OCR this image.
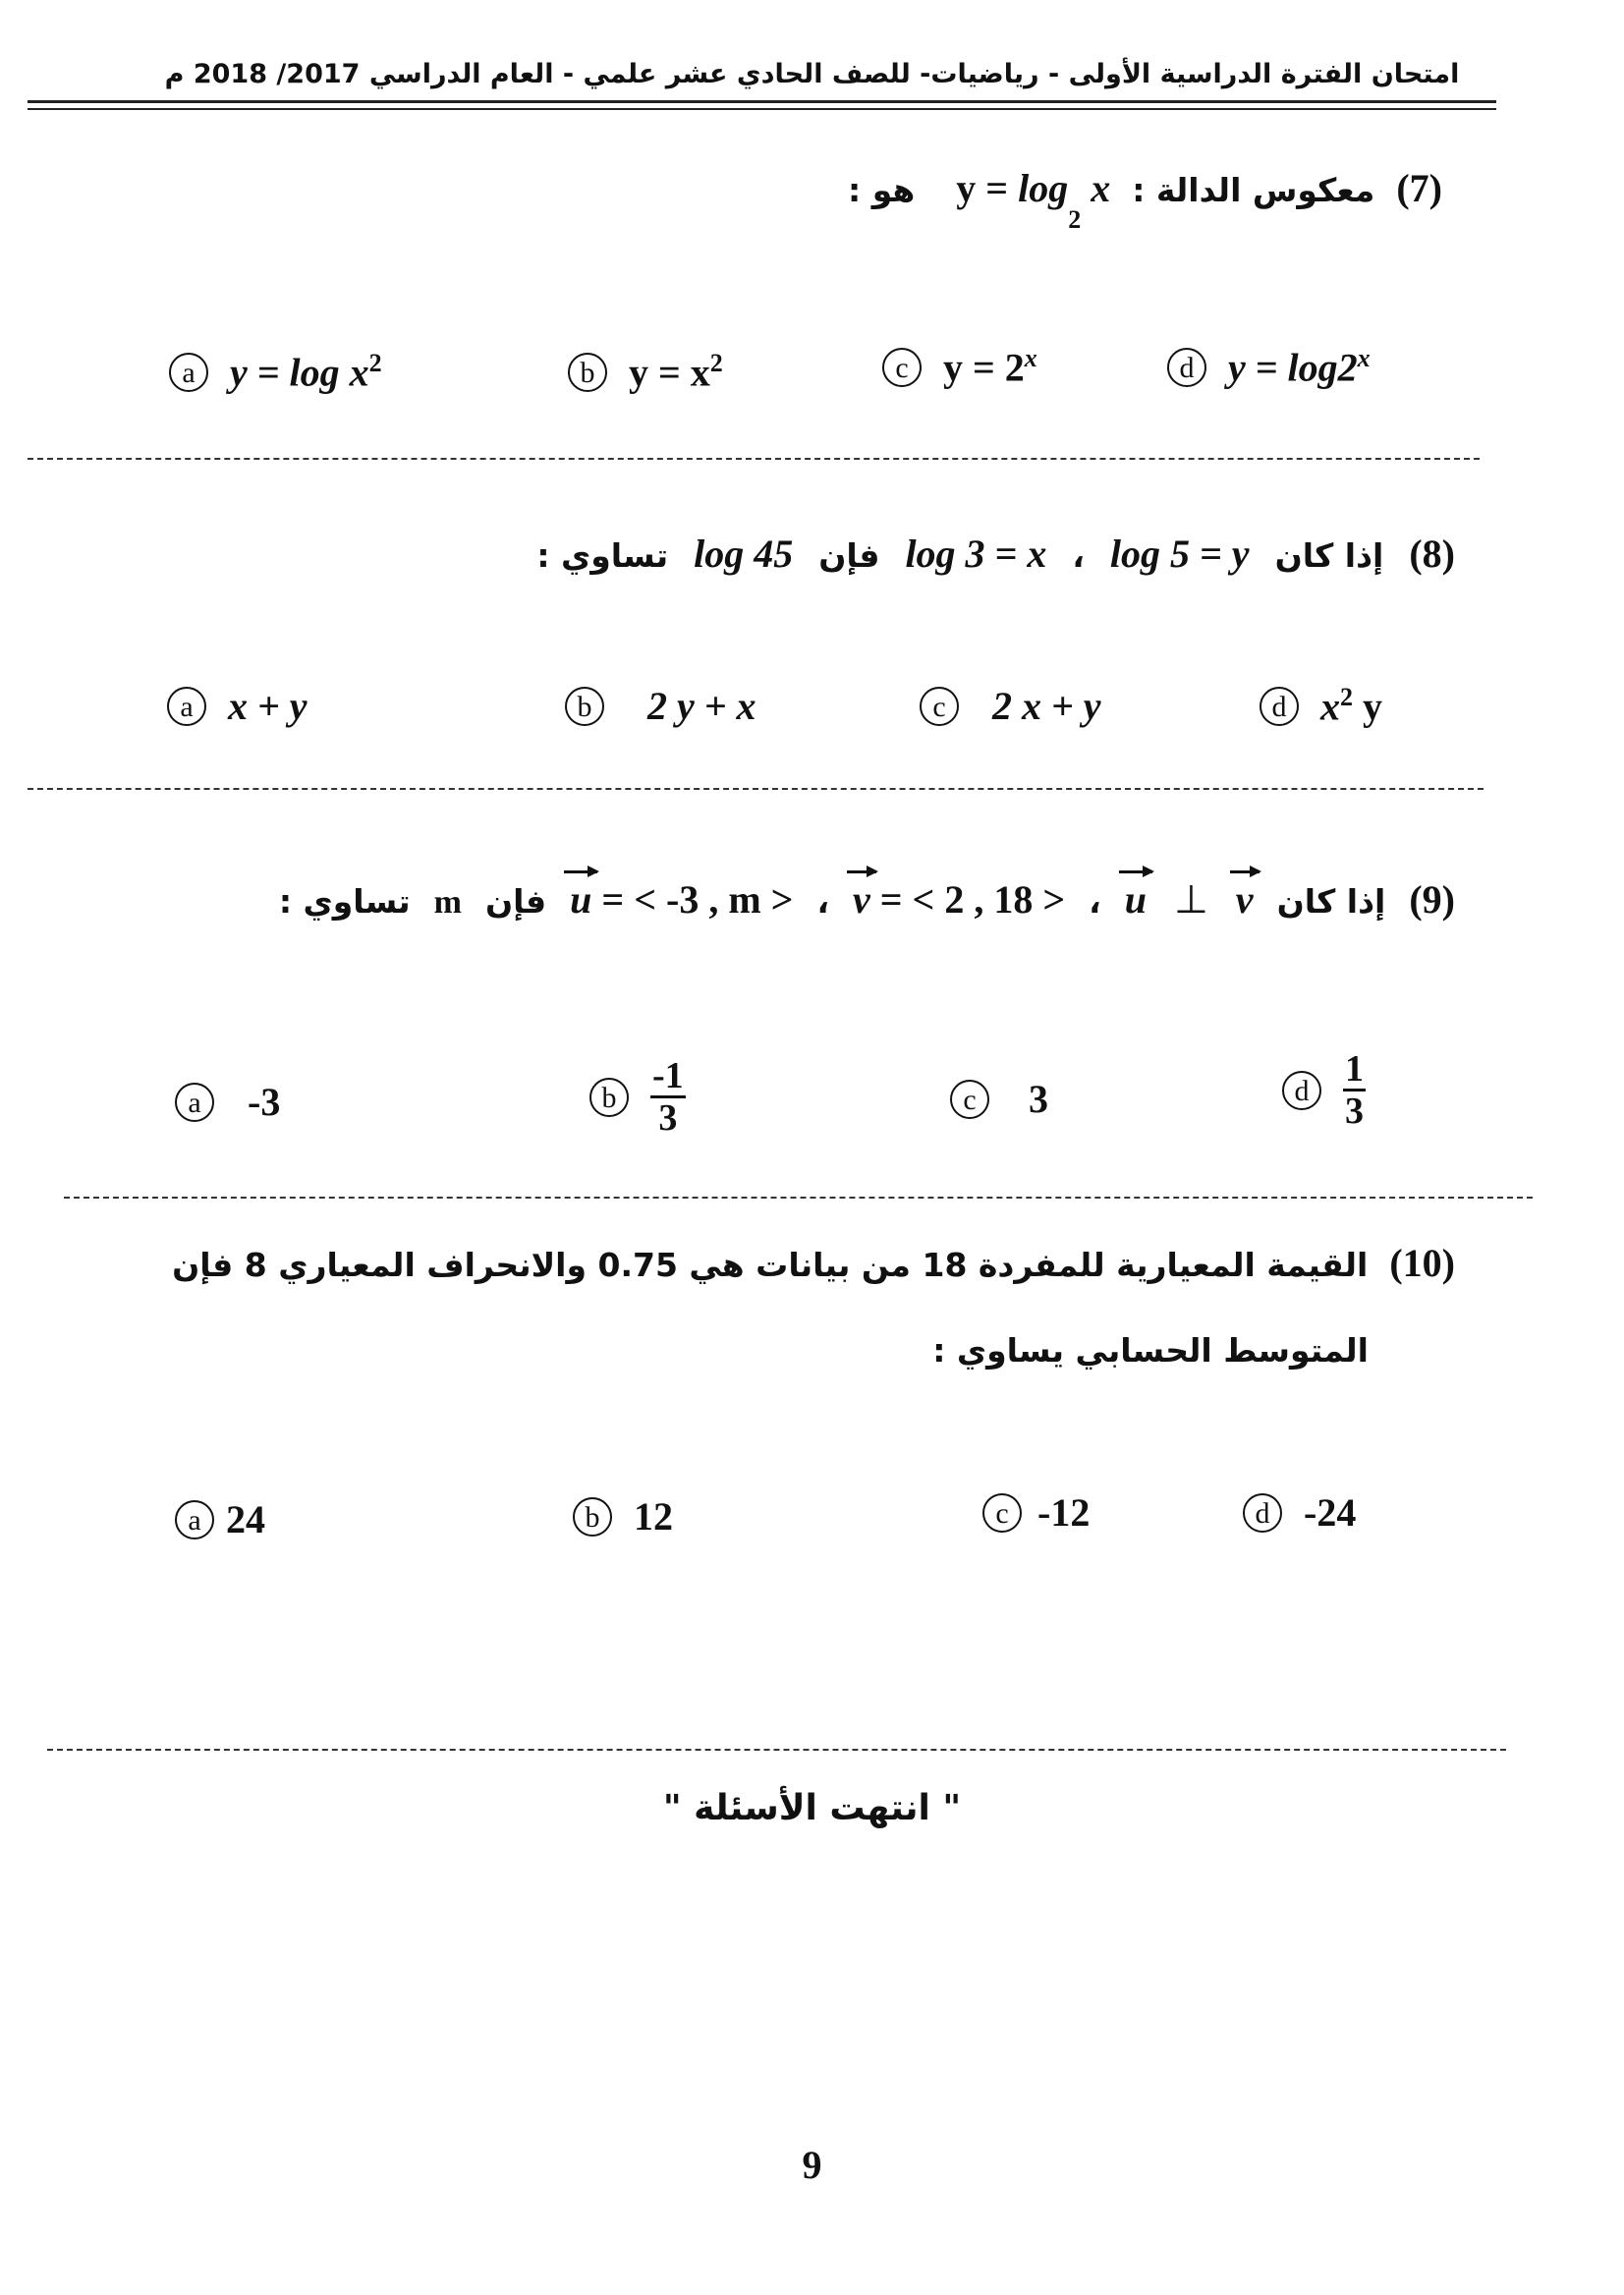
امتحان الفترة الدراسية الأولى - رياضيات- للصف الحادي عشر علمي - العام الدراسي 2017/ 2018 م
(7)
معكوس الدالة :
$y = \log_2 x$
هو :
a $y = \log x^2$	b $y = x^2$	c $y = 2^x$	d $y = \log 2^x$
(8)
إذا كان
log 5 = y
،
log 3 = x
فإن
log 45
تساوي :
a x + y	b	2 y + x	c	2 x + y	d $x^2$ y
(9)
إذا كان
u ⊥ v
،
v = < 2 , 18 >
،
u = < -3 , m >
فإن
m
تساوي :
a	-3	b $\frac{-1}{3}$	c	3	d $\frac{1}{3}$
(10)
القيمة المعيارية للمفردة 18 من بيانات هي 0.75 والانحراف المعياري 8 فإن
المتوسط الحسابي يساوي :
a 24	b 12	c -12	d -24
" انتهت الأسئلة "
9
